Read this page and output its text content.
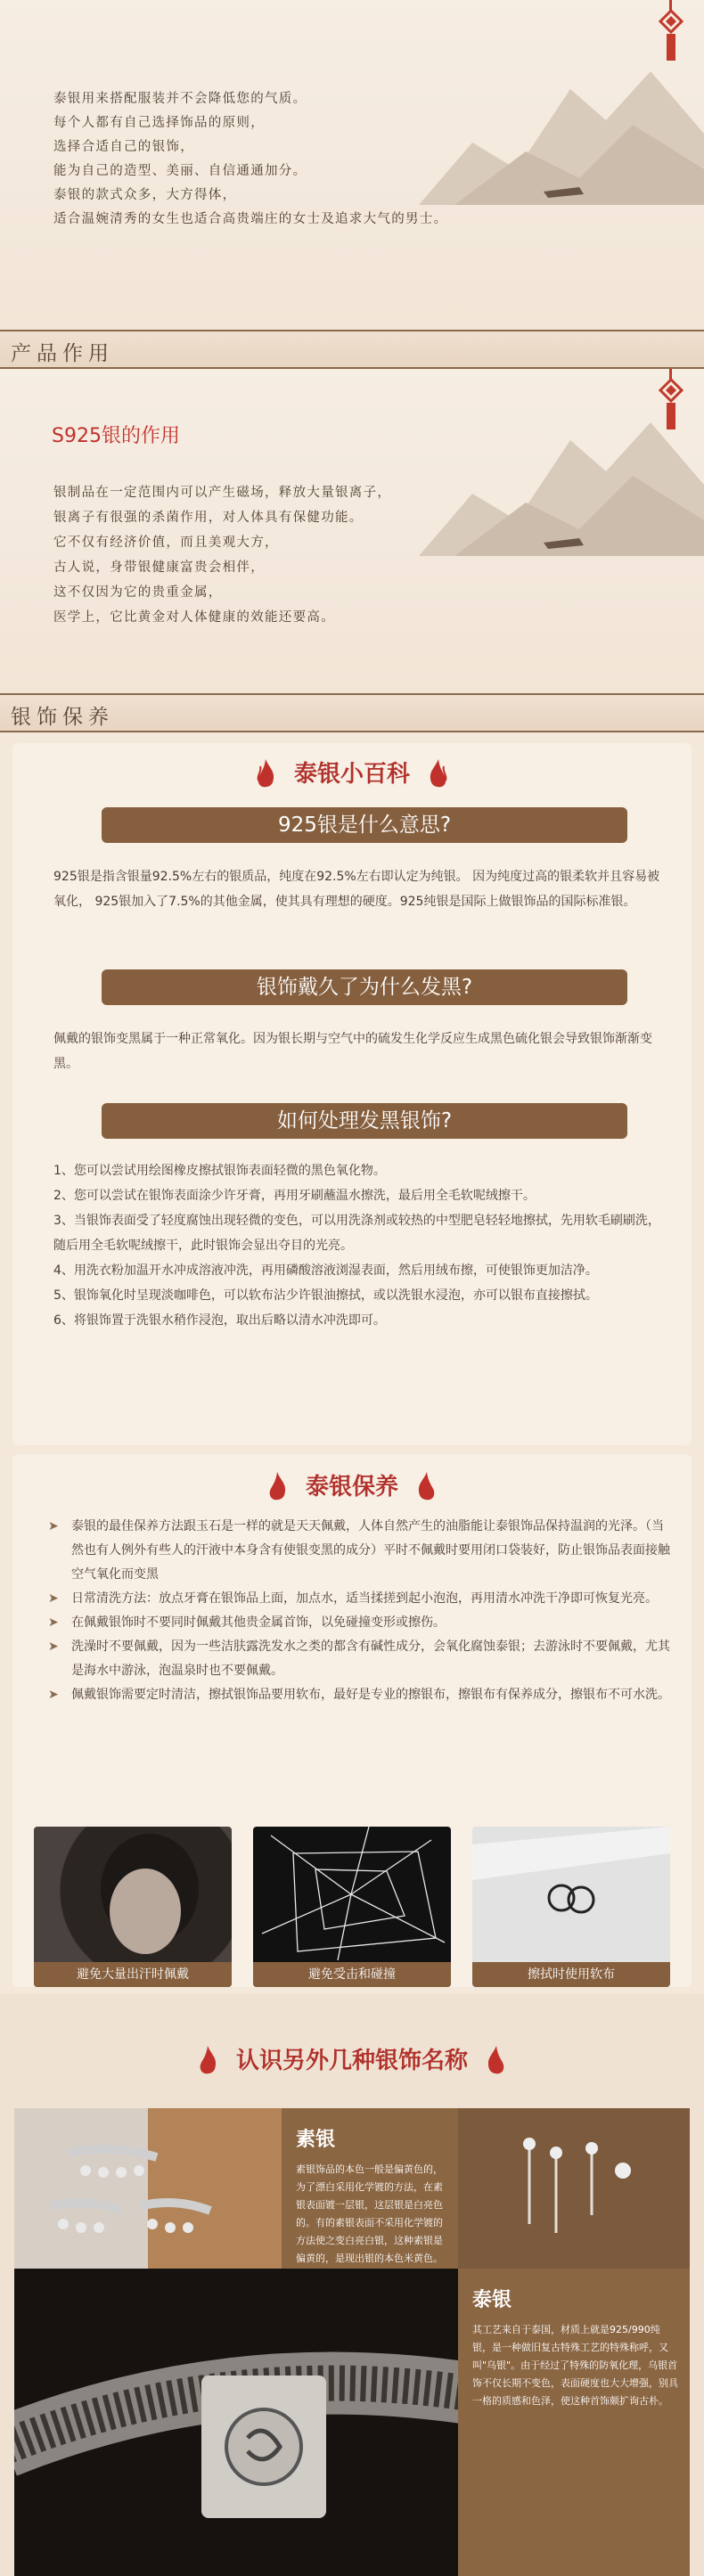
泰银用来搭配服装并不会降低您的气质。
每个人都有自己选择饰品的原则，
选择合适自己的银饰，
能为自己的造型、美丽、自信通通加分。
泰银的款式众多，大方得体，
适合温婉清秀的女生也适合高贵端庄的女士及追求大气的男士。
产品作用
S925银的作用
银制品在一定范围内可以产生磁场，释放大量银离子，
银离子有很强的杀菌作用，对人体具有保健功能。
它不仅有经济价值，而且美观大方，
古人说，身带银健康富贵会相伴，
这不仅因为它的贵重金属，
医学上，它比黄金对人体健康的效能还要高。
银饰保养
泰银小百科
925银是什么意思?
925银是指含银量92.5%左右的银质品，纯度在92.5%左右即认定为纯银。 因为纯度过高的银柔软并且容易被氧化， 925银加入了7.5%的其他金属，使其具有理想的硬度。925纯银是国际上做银饰品的国际标准银。
银饰戴久了为什么发黑?
佩戴的银饰变黑属于一种正常氧化。因为银长期与空气中的硫发生化学反应生成黑色硫化银会导致银饰渐渐变黑。
如何处理发黑银饰?
1、您可以尝试用绘图橡皮擦拭银饰表面轻微的黑色氧化物。
2、您可以尝试在银饰表面涂少许牙膏，再用牙刷蘸温水擦洗，最后用全毛软呢绒擦干。
3、当银饰表面受了轻度腐蚀出现轻微的变色，可以用洗涤剂或较热的中型肥皂轻轻地擦拭，先用软毛刷刷洗，随后用全毛软呢绒擦干，此时银饰会显出夺目的光亮。
4、用洗衣粉加温开水冲成溶液冲洗，再用磷酸溶液浏湿表面，然后用绒布擦，可使银饰更加洁净。
5、银饰氧化时呈现淡咖啡色，可以软布沾少许银油擦拭，或以洗银水浸泡，亦可以银布直接擦拭。
6、将银饰置于洗银水稍作浸泡，取出后略以清水冲洗即可。
泰银保养
➤ 泰银的最佳保养方法跟玉石是一样的就是天天佩戴，人体自然产生的油脂能让泰银饰品保持温润的光泽。（当然也有人例外有些人的汗液中本身含有使银变黑的成分）平时不佩戴时要用闭口袋装好，防止银饰品表面接触空气氧化而变黑
➤ 日常清洗方法：放点牙膏在银饰品上面，加点水，适当揉搓到起小泡泡，再用清水冲洗干净即可恢复光亮。
➤ 在佩戴银饰时不要同时佩戴其他贵金属首饰，以免碰撞变形或擦伤。
➤ 洗澡时不要佩戴，因为一些洁肤露洗发水之类的都含有碱性成分，会氧化腐蚀泰银；去游泳时不要佩戴，尤其是海水中游泳，泡温泉时也不要佩戴。
➤ 佩戴银饰需要定时清洁，擦拭银饰品要用软布，最好是专业的擦银布，擦银布有保养成分，擦银布不可水洗。
避免大量出汗时佩戴	避免受击和碰撞	擦拭时使用软布
认识另外几种银饰名称
素银
素银饰品的本色一般是偏黄色的，为了漂白采用化学镀的方法，在素银表面镀一层银，这层银是白亮色的。有的素银表面不采用化学镀的方法使之变白亮白银，这种素银是偏黄的，是现出银的本色米黄色。
泰银
其工艺来自于泰国，材质上就是925/990纯银，是一种做旧复古特殊工艺的特殊称呼，又叫"乌银"。由于经过了特殊的防氧化理，乌银首饰不仅长期不变色，表面硬度也大大增强，别具一格的质感和色泽，使这种首饰颇扩询古朴。
